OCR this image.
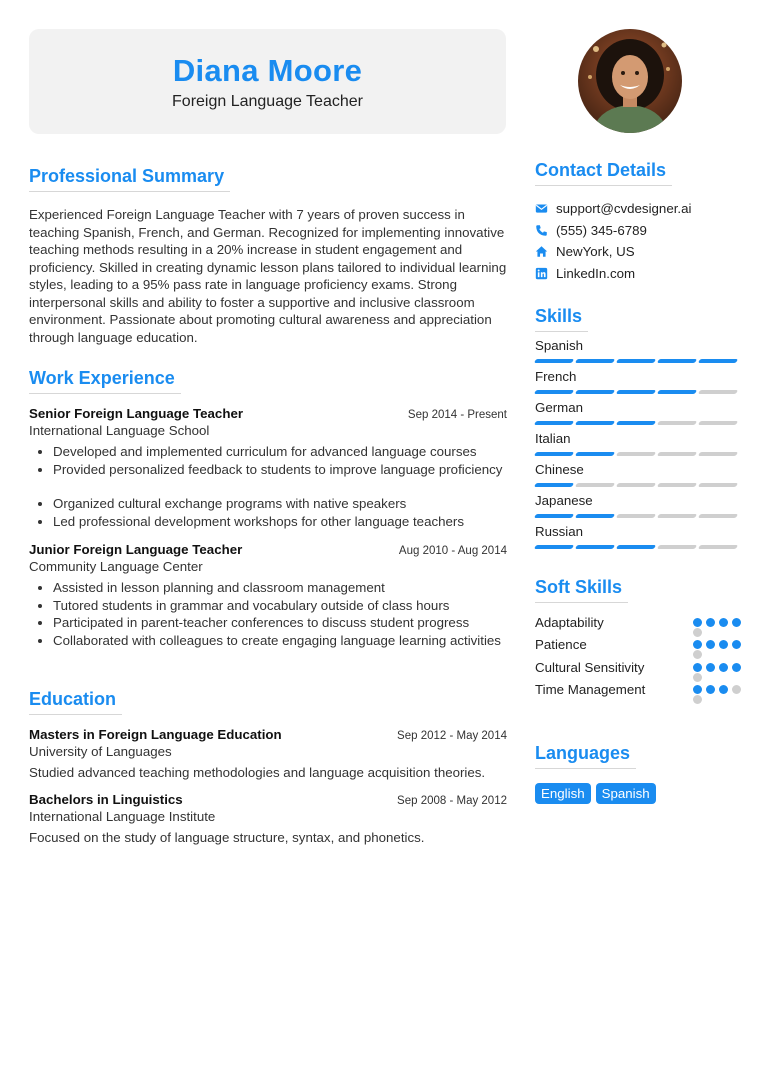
Diana Moore
Foreign Language Teacher
Professional Summary
Experienced Foreign Language Teacher with 7 years of proven success in teaching Spanish, French, and German. Recognized for implementing innovative teaching methods resulting in a 20% increase in student engagement and proficiency. Skilled in creating dynamic lesson plans tailored to individual learning styles, leading to a 95% pass rate in language proficiency exams. Strong interpersonal skills and ability to foster a supportive and inclusive classroom environment. Passionate about promoting cultural awareness and appreciation through language education.
Work Experience
Senior Foreign Language Teacher	Sep 2014 - Present
International Language School
• Developed and implemented curriculum for advanced language courses
• Provided personalized feedback to students to improve language proficiency
• Organized cultural exchange programs with native speakers
• Led professional development workshops for other language teachers
Junior Foreign Language Teacher	Aug 2010 - Aug 2014
Community Language Center
• Assisted in lesson planning and classroom management
• Tutored students in grammar and vocabulary outside of class hours
• Participated in parent-teacher conferences to discuss student progress
• Collaborated with colleagues to create engaging language learning activities
Education
Masters in Foreign Language Education	Sep 2012 - May 2014
University of Languages
Studied advanced teaching methodologies and language acquisition theories.
Bachelors in Linguistics	Sep 2008 - May 2012
International Language Institute
Focused on the study of language structure, syntax, and phonetics.
Contact Details
support@cvdesigner.ai
(555) 345-6789
NewYork, US
LinkedIn.com
Skills
Spanish
French
German
Italian
Chinese
Japanese
Russian
Soft Skills
Adaptability
Patience
Cultural Sensitivity
Time Management
Languages
English	Spanish
